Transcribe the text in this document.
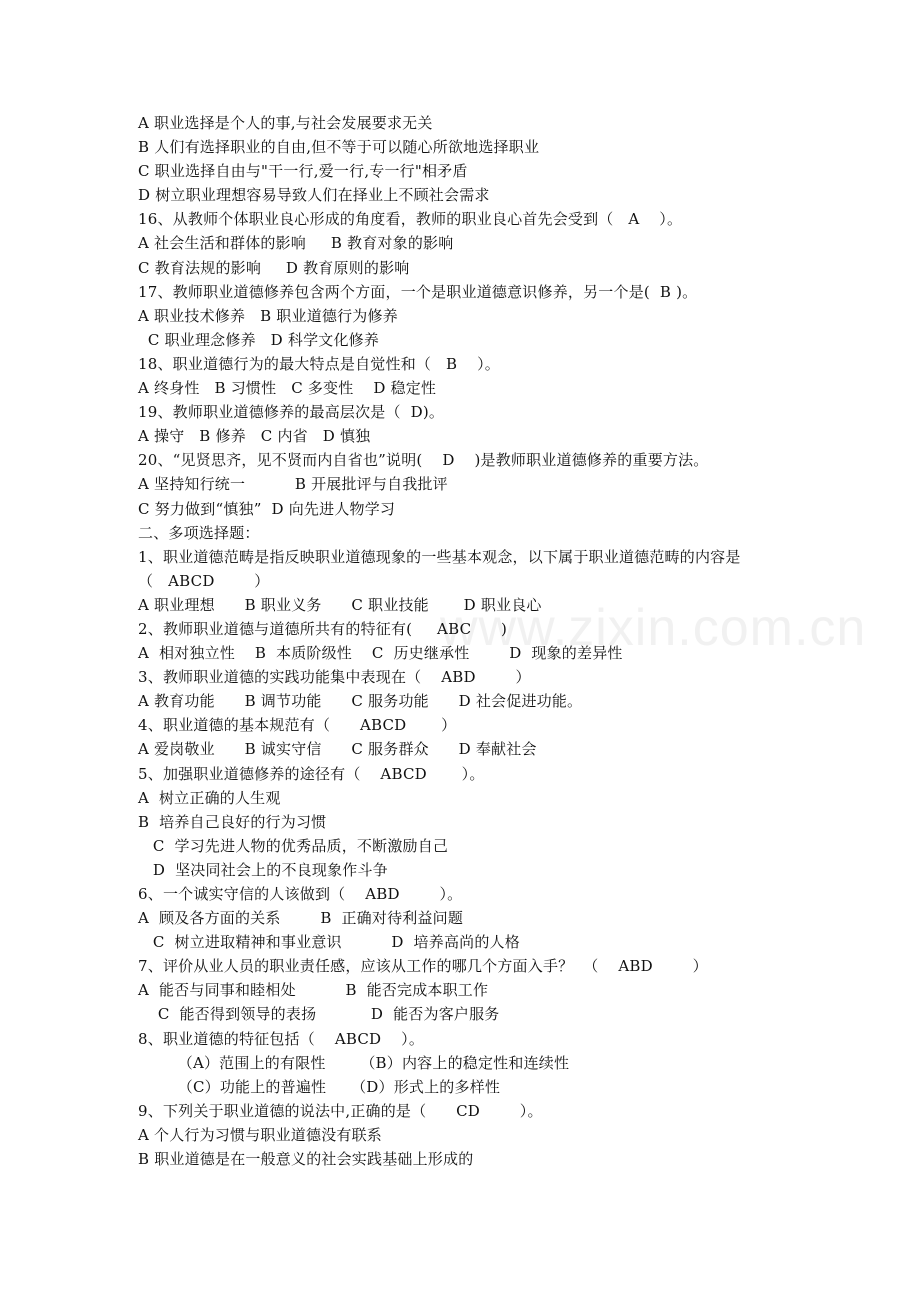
www.zixin.com.cn
A 职业选择是个人的事,与社会发展要求无关
B 人们有选择职业的自由,但不等于可以随心所欲地选择职业
C 职业选择自由与"干一行,爱一行,专一行"相矛盾
D 树立职业理想容易导致人们在择业上不顾社会需求
16、从教师个体职业良心形成的角度看，教师的职业良心首先会受到（   A    ）。
A 社会生活和群体的影响     B 教育对象的影响
C 教育法规的影响     D 教育原则的影响
17、教师职业道德修养包含两个方面，一个是职业道德意识修养，另一个是(  B )。
A 职业技术修养   B 职业道德行为修养
C 职业理念修养   D 科学文化修养
18、职业道德行为的最大特点是自觉性和（   B    ）。
A 终身性   B 习惯性   C 多变性    D 稳定性
19、教师职业道德修养的最高层次是（  D)。
A 操守   B 修养   C 内省   D 慎独
20、“见贤思齐，见不贤而内自省也”说明(    D    )是教师职业道德修养的重要方法。
A 坚持知行统一          B 开展批评与自我批评
C 努力做到“慎独”  D 向先进人物学习
二、多项选择题：
1、职业道德范畴是指反映职业道德现象的一些基本观念，以下属于职业道德范畴的内容是
（   ABCD        ）
A 职业理想      B 职业义务      C 职业技能       D 职业良心
2、教师职业道德与道德所共有的特征有(     ABC      )
A  相对独立性    B  本质阶级性    C  历史继承性        D  现象的差异性
3、教师职业道德的实践功能集中表现在（    ABD        ）
A 教育功能      B 调节功能      C 服务功能      D 社会促进功能。
4、职业道德的基本规范有（      ABCD       ）
A 爱岗敬业      B 诚实守信      C 服务群众      D 奉献社会
5、加强职业道德修养的途径有（    ABCD       ）。
A  树立正确的人生观
B  培养自己良好的行为习惯
C  学习先进人物的优秀品质，不断激励自己
D  坚决同社会上的不良现象作斗争
6、一个诚实守信的人该做到（    ABD        ）。
A  顾及各方面的关系        B  正确对待利益问题
C  树立进取精神和事业意识          D  培养高尚的人格
7、评价从业人员的职业责任感，应该从工作的哪几个方面入手？  （    ABD        ）
A  能否与同事和睦相处          B  能否完成本职工作
C  能否得到领导的表扬           D  能否为客户服务
8、职业道德的特征包括（    ABCD    ）。
（A）范围上的有限性       （B）内容上的稳定性和连续性
（C）功能上的普遍性     （D）形式上的多样性
9、下列关于职业道德的说法中,正确的是（      CD        ）。
A 个人行为习惯与职业道德没有联系
B 职业道德是在一般意义的社会实践基础上形成的
